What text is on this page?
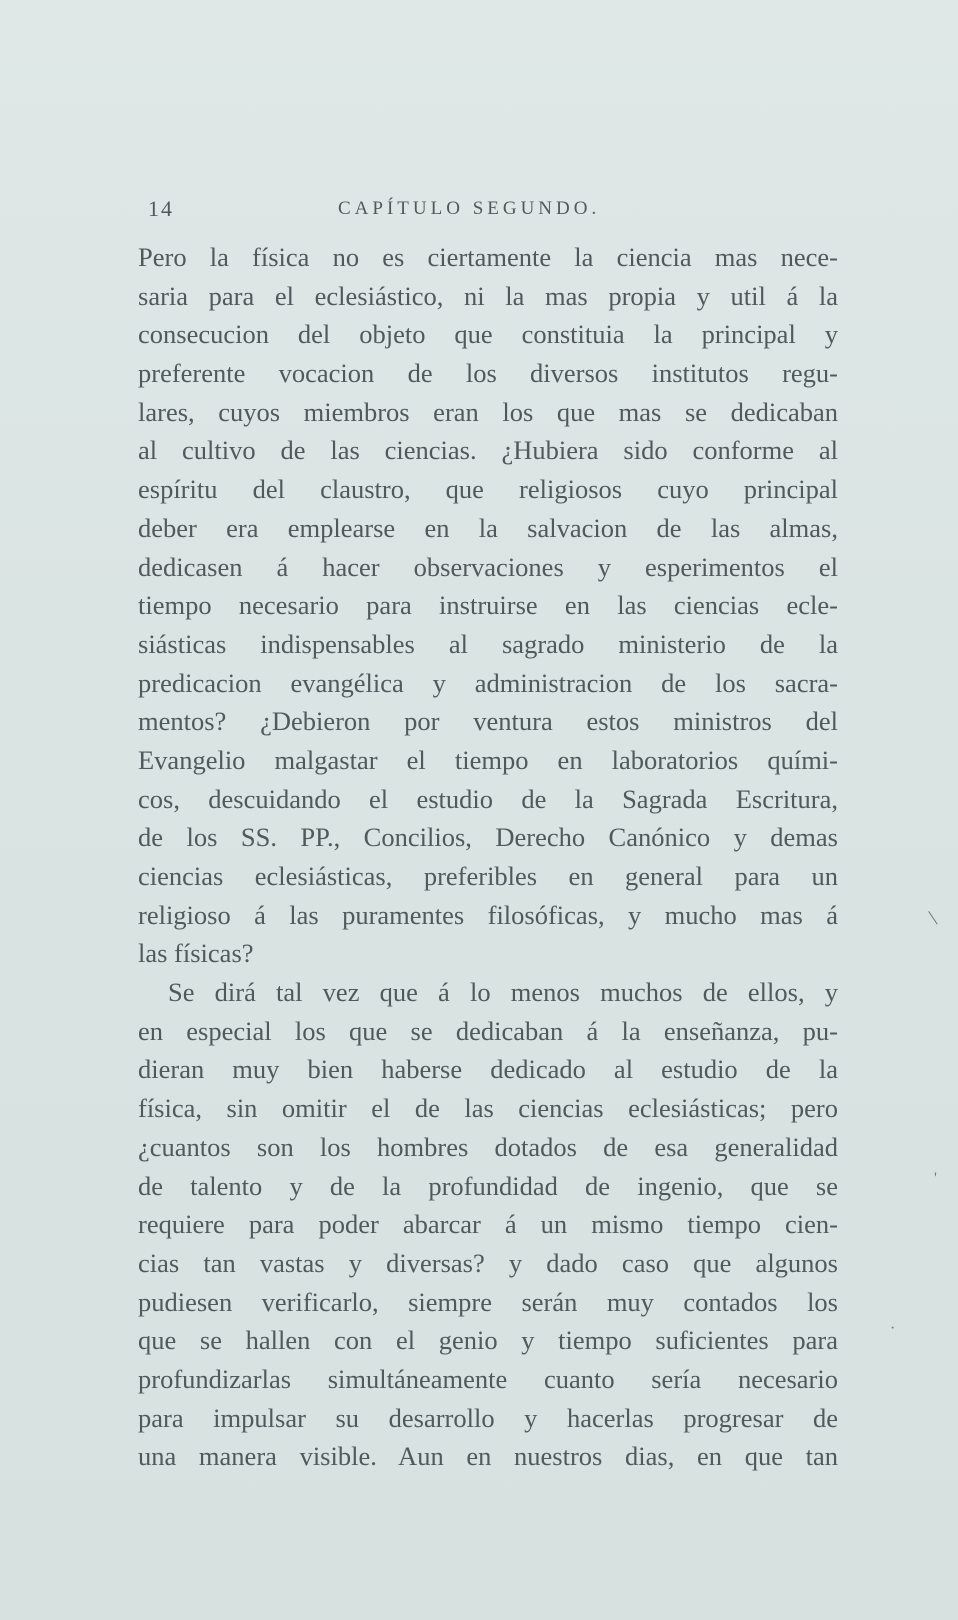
14	CAPÍTULO SEGUNDO.
Pero la física no es ciertamente la ciencia mas nece-
saria para el eclesiástico, ni la mas propia y util á la
consecucion del objeto que constituia la principal y
preferente vocacion de los diversos institutos regu-
lares, cuyos miembros eran los que mas se dedicaban
al cultivo de las ciencias. ¿Hubiera sido conforme al
espíritu del claustro, que religiosos cuyo principal
deber era emplearse en la salvacion de las almas,
dedicasen á hacer observaciones y esperimentos el
tiempo necesario para instruirse en las ciencias ecle-
siásticas indispensables al sagrado ministerio de la
predicacion evangélica y administracion de los sacra-
mentos? ¿Debieron por ventura estos ministros del
Evangelio malgastar el tiempo en laboratorios quími-
cos, descuidando el estudio de la Sagrada Escritura,
de los SS. PP., Concilios, Derecho Canónico y demas
ciencias eclesiásticas, preferibles en general para un
religioso á las puramentes filosóficas, y mucho mas á
las físicas?
Se dirá tal vez que á lo menos muchos de ellos, y
en especial los que se dedicaban á la enseñanza, pu-
dieran muy bien haberse dedicado al estudio de la
física, sin omitir el de las ciencias eclesiásticas; pero
¿cuantos son los hombres dotados de esa generalidad
de talento y de la profundidad de ingenio, que se
requiere para poder abarcar á un mismo tiempo cien-
cias tan vastas y diversas? y dado caso que algunos
pudiesen verificarlo, siempre serán muy contados los
que se hallen con el genio y tiempo suficientes para
profundizarlas simultáneamente cuanto sería necesario
para impulsar su desarrollo y hacerlas progresar de
una manera visible. Aun en nuestros dias, en que tan
\
'
·
